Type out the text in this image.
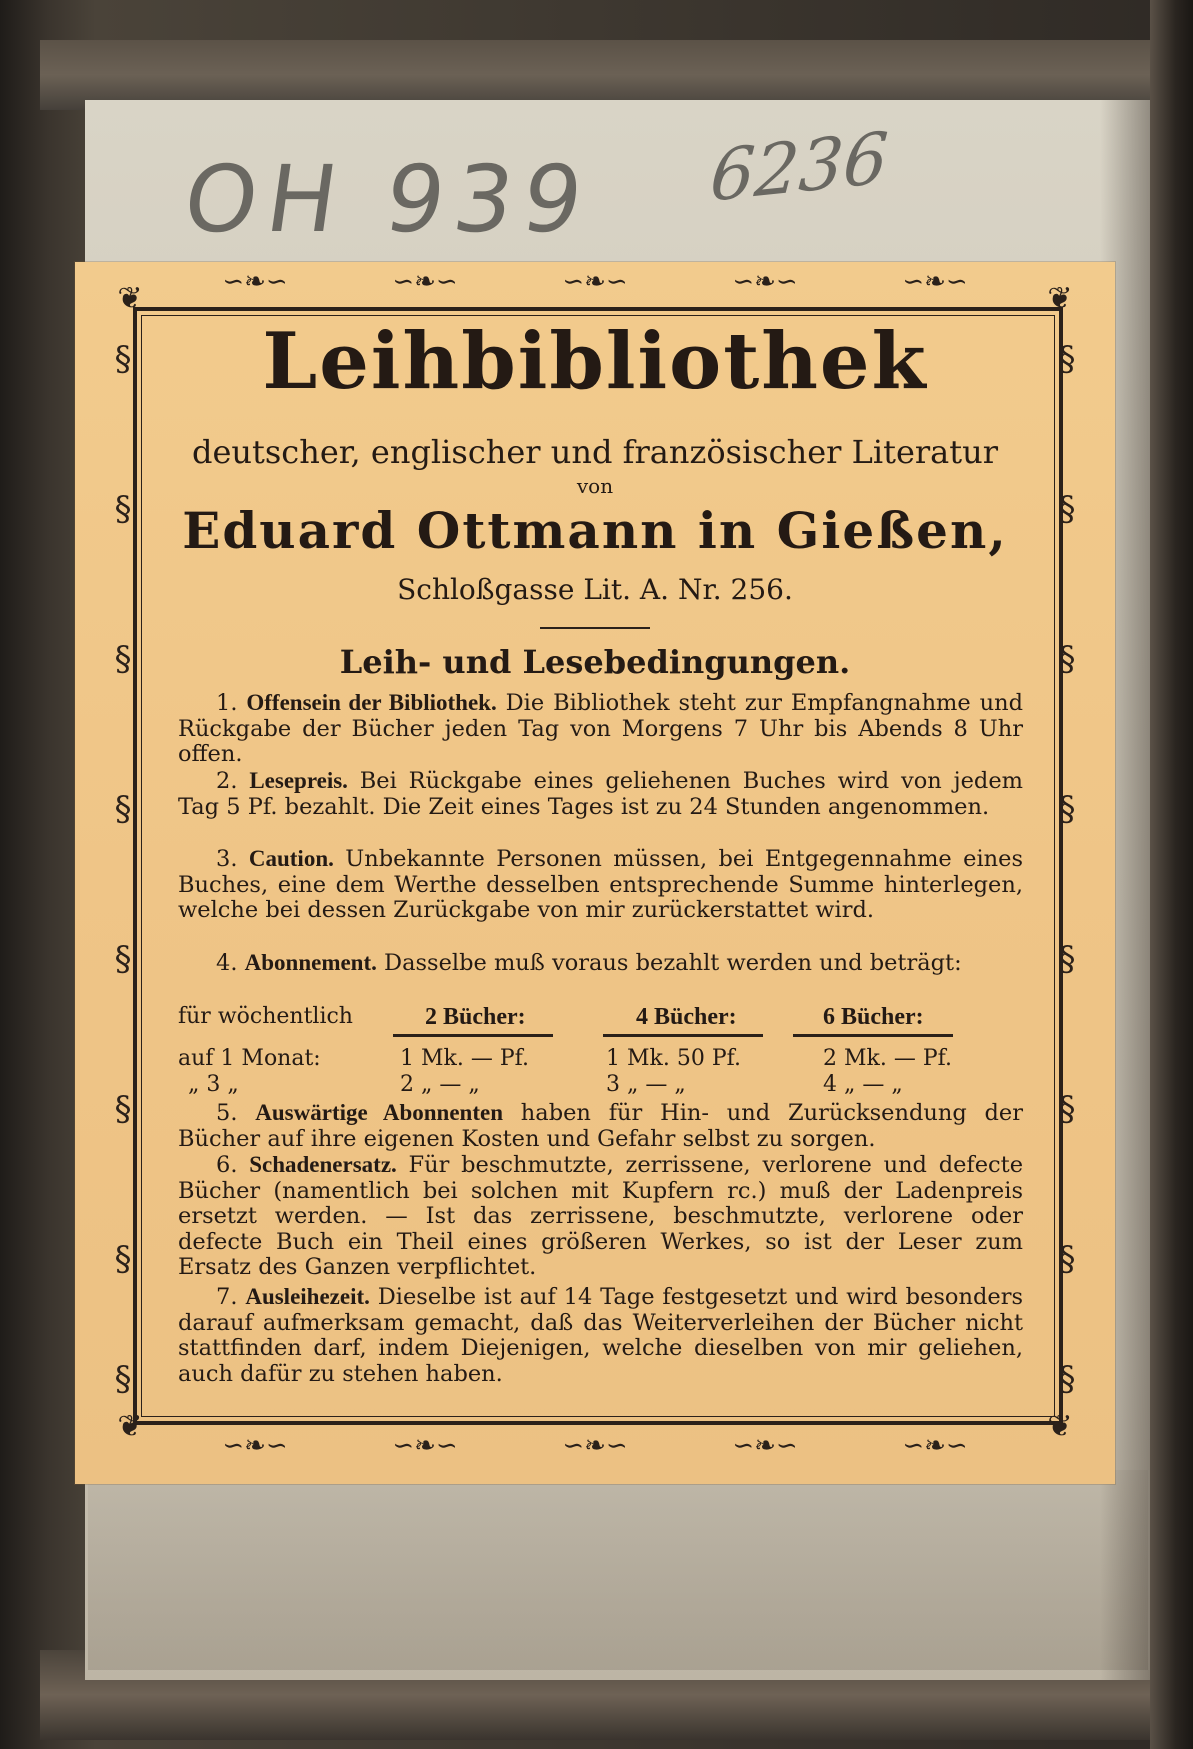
OH 939 6236
❦	❦
❦	❦
∽❧∽	∽❧∽	∽❧∽	∽❧∽	∽❧∽
∽❧∽	∽❧∽	∽❧∽	∽❧∽	∽❧∽
§
§
§
§
§
§
§
§
§
§
§
§
§
§
§
§
Leihbibliothek
deutscher, englischer und französischer Literatur
von
Eduard Ottmann in Gießen,
Schloßgasse Lit. A. Nr. 256.
Leih- und Lesebedingungen.
1. Offensein der Bibliothek. Die Bibliothek steht zur Empfangnahme und Rückgabe der Bücher jeden Tag von Morgens 7 Uhr bis Abends 8 Uhr offen.
2. Lesepreis. Bei Rückgabe eines geliehenen Buches wird von jedem Tag 5 Pf. bezahlt. Die Zeit eines Tages ist zu 24 Stunden angenommen.
3. Caution. Unbekannte Personen müssen, bei Entgegennahme eines Buches, eine dem Werthe desselben entsprechende Summe hinterlegen, welche bei dessen Zurückgabe von mir zurückerstattet wird.
4. Abonnement. Dasselbe muß voraus bezahlt werden und beträgt:
für wöchentlich	2 Bücher:	4 Bücher:	6 Bücher:
auf 1 Monat:	1 Mk. — Pf.	1 Mk. 50 Pf.	2 Mk. — Pf.
„ 3 „	2 „ — „	3 „ — „	4 „ — „
5. Auswärtige Abonnenten haben für Hin- und Zurücksendung der Bücher auf ihre eigenen Kosten und Gefahr selbst zu sorgen.
6. Schadenersatz. Für beschmutzte, zerrissene, verlorene und defecte Bücher (namentlich bei solchen mit Kupfern rc.) muß der Ladenpreis ersetzt werden. — Ist das zerrissene, beschmutzte, verlorene oder defecte Buch ein Theil eines größeren Werkes, so ist der Leser zum Ersatz des Ganzen verpflichtet.
7. Ausleihezeit. Dieselbe ist auf 14 Tage festgesetzt und wird besonders darauf aufmerksam gemacht, daß das Weiterverleihen der Bücher nicht stattfinden darf, indem Diejenigen, welche dieselben von mir geliehen, auch dafür zu stehen haben.
